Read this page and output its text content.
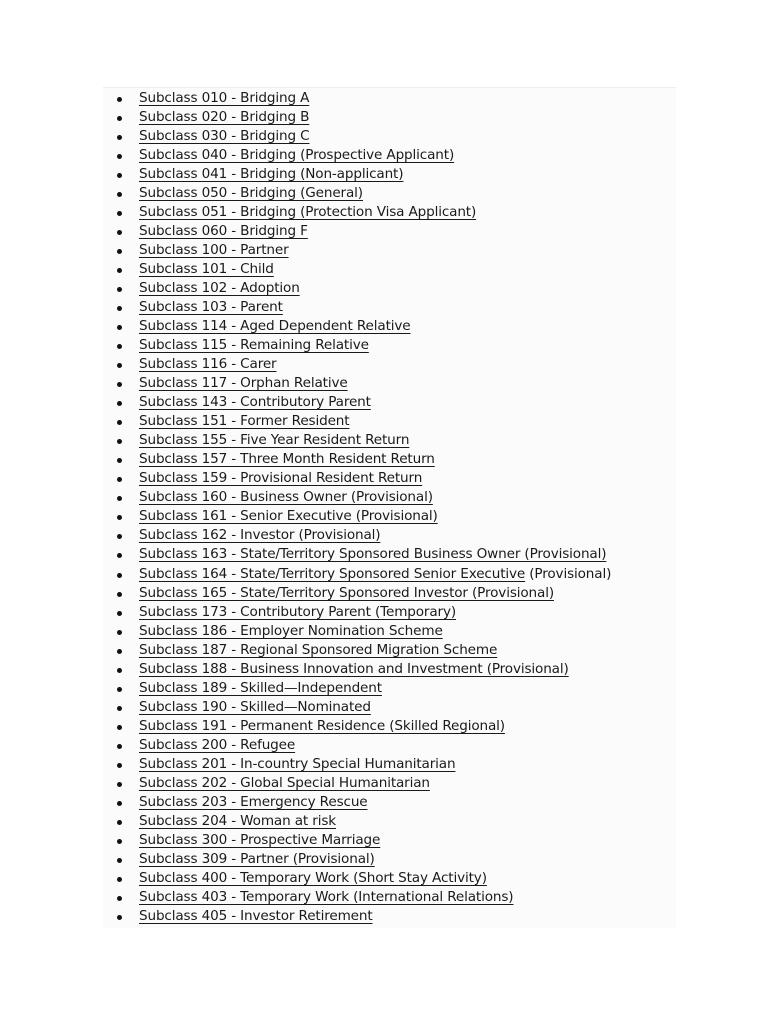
Subclass 010 - Bridging A
Subclass 020 - Bridging B
Subclass 030 - Bridging C
Subclass 040 - Bridging (Prospective Applicant)
Subclass 041 - Bridging (Non-applicant)
Subclass 050 - Bridging (General)
Subclass 051 - Bridging (Protection Visa Applicant)
Subclass 060 - Bridging F
Subclass 100 - Partner
Subclass 101 - Child
Subclass 102 - Adoption
Subclass 103 - Parent
Subclass 114 - Aged Dependent Relative
Subclass 115 - Remaining Relative
Subclass 116 - Carer
Subclass 117 - Orphan Relative
Subclass 143 - Contributory Parent
Subclass 151 - Former Resident
Subclass 155 - Five Year Resident Return
Subclass 157 - Three Month Resident Return
Subclass 159 - Provisional Resident Return
Subclass 160 - Business Owner (Provisional)
Subclass 161 - Senior Executive (Provisional)
Subclass 162 - Investor (Provisional)
Subclass 163 - State/Territory Sponsored Business Owner (Provisional)
Subclass 164 - State/Territory Sponsored Senior Executive (Provisional)
Subclass 165 - State/Territory Sponsored Investor (Provisional)
Subclass 173 - Contributory Parent (Temporary)
Subclass 186 - Employer Nomination Scheme
Subclass 187 - Regional Sponsored Migration Scheme
Subclass 188 - Business Innovation and Investment (Provisional)
Subclass 189 - Skilled—Independent
Subclass 190 - Skilled—Nominated
Subclass 191 - Permanent Residence (Skilled Regional)
Subclass 200 - Refugee
Subclass 201 - In-country Special Humanitarian
Subclass 202 - Global Special Humanitarian
Subclass 203 - Emergency Rescue
Subclass 204 - Woman at risk
Subclass 300 - Prospective Marriage
Subclass 309 - Partner (Provisional)
Subclass 400 - Temporary Work (Short Stay Activity)
Subclass 403 - Temporary Work (International Relations)
Subclass 405 - Investor Retirement
